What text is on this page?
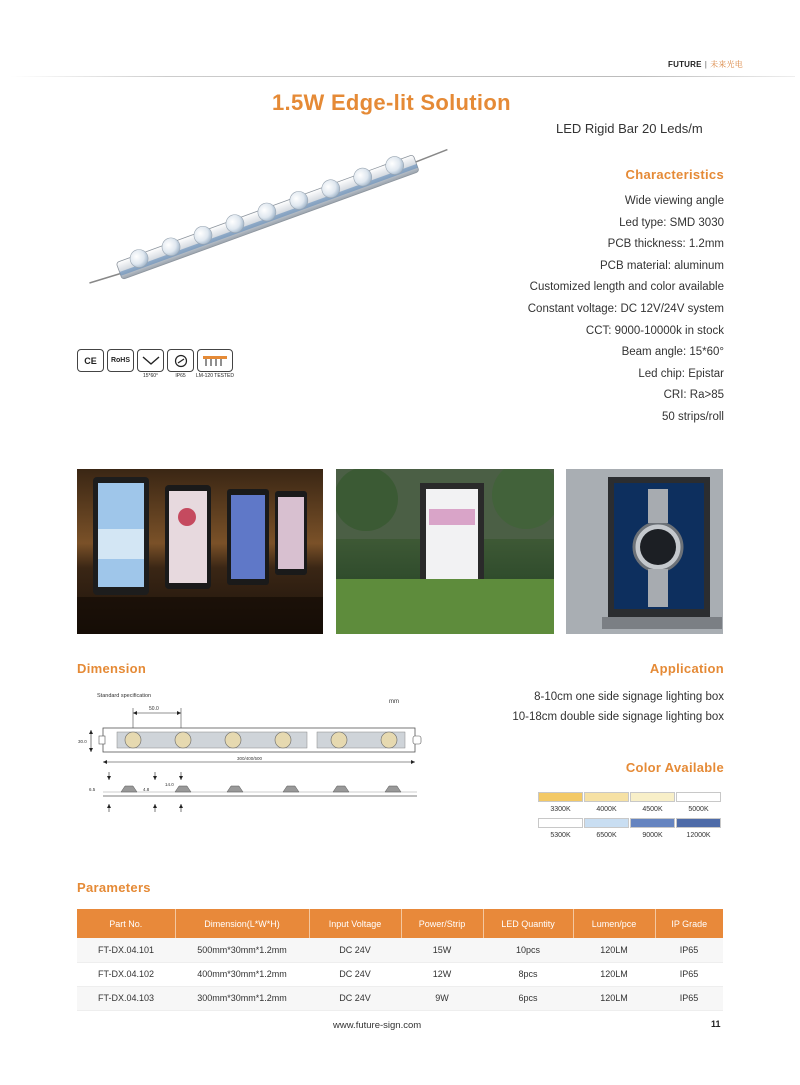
FUTURE | 未来光电
1.5W Edge-lit Solution
LED Rigid Bar 20 Leds/m
Characteristics
Wide viewing angle
Led type: SMD 3030
PCB thickness: 1.2mm
PCB material: aluminum
Customized length and color available
Constant voltage: DC 12V/24V system
CCT: 9000-10000k in stock
Beam angle: 15*60°
Led chip: Epistar
CRI: Ra>85
50 strips/roll
CE RoHS
15*60°	IP65 LM-120 TESTED
Dimension
Standard specification
mm
50.0
30.0
300/400/500
6.5	4.8
14.0
Application
8-10cm one side signage lighting box
10-18cm double side signage lighting box
Color Available
3300K	4000K	4500K	5000K
5300K	6500K	9000K	12000K
Parameters
Part No.	Dimension(L*W*H)	Input Voltage	Power/Strip	LED Quantity	Lumen/pce	IP Grade
FT-DX.04.101	500mm*30mm*1.2mm	DC 24V	15W	10pcs	120LM	IP65
FT-DX.04.102	400mm*30mm*1.2mm	DC 24V	12W	8pcs	120LM	IP65
FT-DX.04.103	300mm*30mm*1.2mm	DC 24V	9W	6pcs	120LM	IP65
www.future-sign.com	11
